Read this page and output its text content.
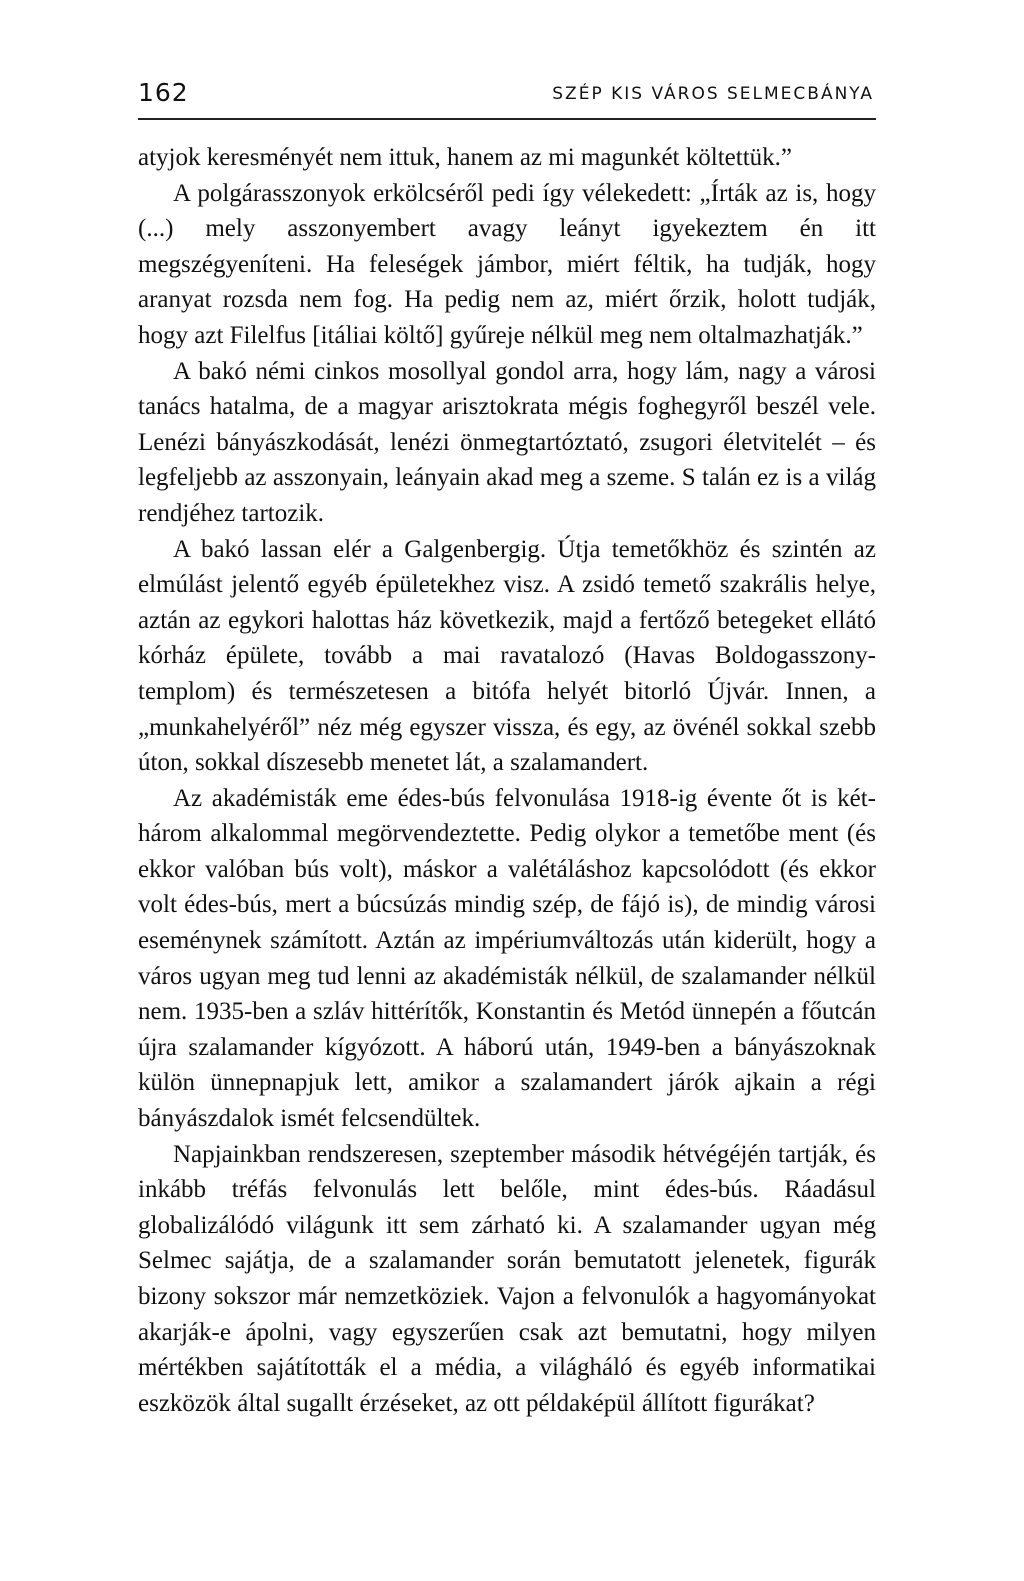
162	SZÉP KIS VÁROS SELMECBÁNYA

atyjok keresményét nem ittuk, hanem az mi magunkét költettük.”

A polgárasszonyok erkölcséről pedi így vélekedett: „Írták az is, hogy (...) mely asszonyembert avagy leányt igyekeztem én itt megszégyeníteni. Ha feleségek jámbor, miért féltik, ha tudják, hogy aranyat rozsda nem fog. Ha pedig nem az, miért őrzik, holott tudják, hogy azt Filelfus [itáliai költő] gyűreje nélkül meg nem oltalmazhatják.”

A bakó némi cinkos mosollyal gondol arra, hogy lám, nagy a városi tanács hatalma, de a magyar arisztokrata mégis foghegyről beszél vele. Lenézi bányászkodását, lenézi önmegtartóztató, zsugori életvitelét – és legfeljebb az asszonyain, leányain akad meg a szeme. S talán ez is a világ rendjéhez tartozik.

A bakó lassan elér a Galgenbergig. Útja temetőkhöz és szintén az elmúlást jelentő egyéb épületekhez visz. A zsidó temető szakrális helye, aztán az egykori halottas ház következik, majd a fertőző betegeket ellátó kórház épülete, tovább a mai ravatalozó (Havas Boldogasszony-templom) és természetesen a bitófa helyét bitorló Újvár. Innen, a „munkahelyéről” néz még egyszer vissza, és egy, az övénél sokkal szebb úton, sokkal díszesebb menetet lát, a szalamandert.

Az akadémisták eme édes-bús felvonulása 1918-ig évente őt is két-három alkalommal megörvendeztette. Pedig olykor a temetőbe ment (és ekkor valóban bús volt), máskor a valétáláshoz kapcsolódott (és ekkor volt édes-bús, mert a búcsúzás mindig szép, de fájó is), de mindig városi eseménynek számított. Aztán az impériumváltozás után kiderült, hogy a város ugyan meg tud lenni az akadémisták nélkül, de szalamander nélkül nem. 1935-ben a szláv hittérítők, Konstantin és Metód ünnepén a főutcán újra szalamander kígyózott. A háború után, 1949-ben a bányászoknak külön ünnepnapjuk lett, amikor a szalamandert járók ajkain a régi bányászdalok ismét felcsendültek.

Napjainkban rendszeresen, szeptember második hétvégéjén tartják, és inkább tréfás felvonulás lett belőle, mint édes-bús. Ráadásul globalizálódó világunk itt sem zárható ki. A szalamander ugyan még Selmec sajátja, de a szalamander során bemutatott jelenetek, figurák bizony sokszor már nemzetköziek. Vajon a felvonulók a hagyományokat akarják-e ápolni, vagy egyszerűen csak azt bemutatni, hogy milyen mértékben sajátították el a média, a világháló és egyéb informatikai eszközök által sugallt érzéseket, az ott példaképül állított figurákat?
